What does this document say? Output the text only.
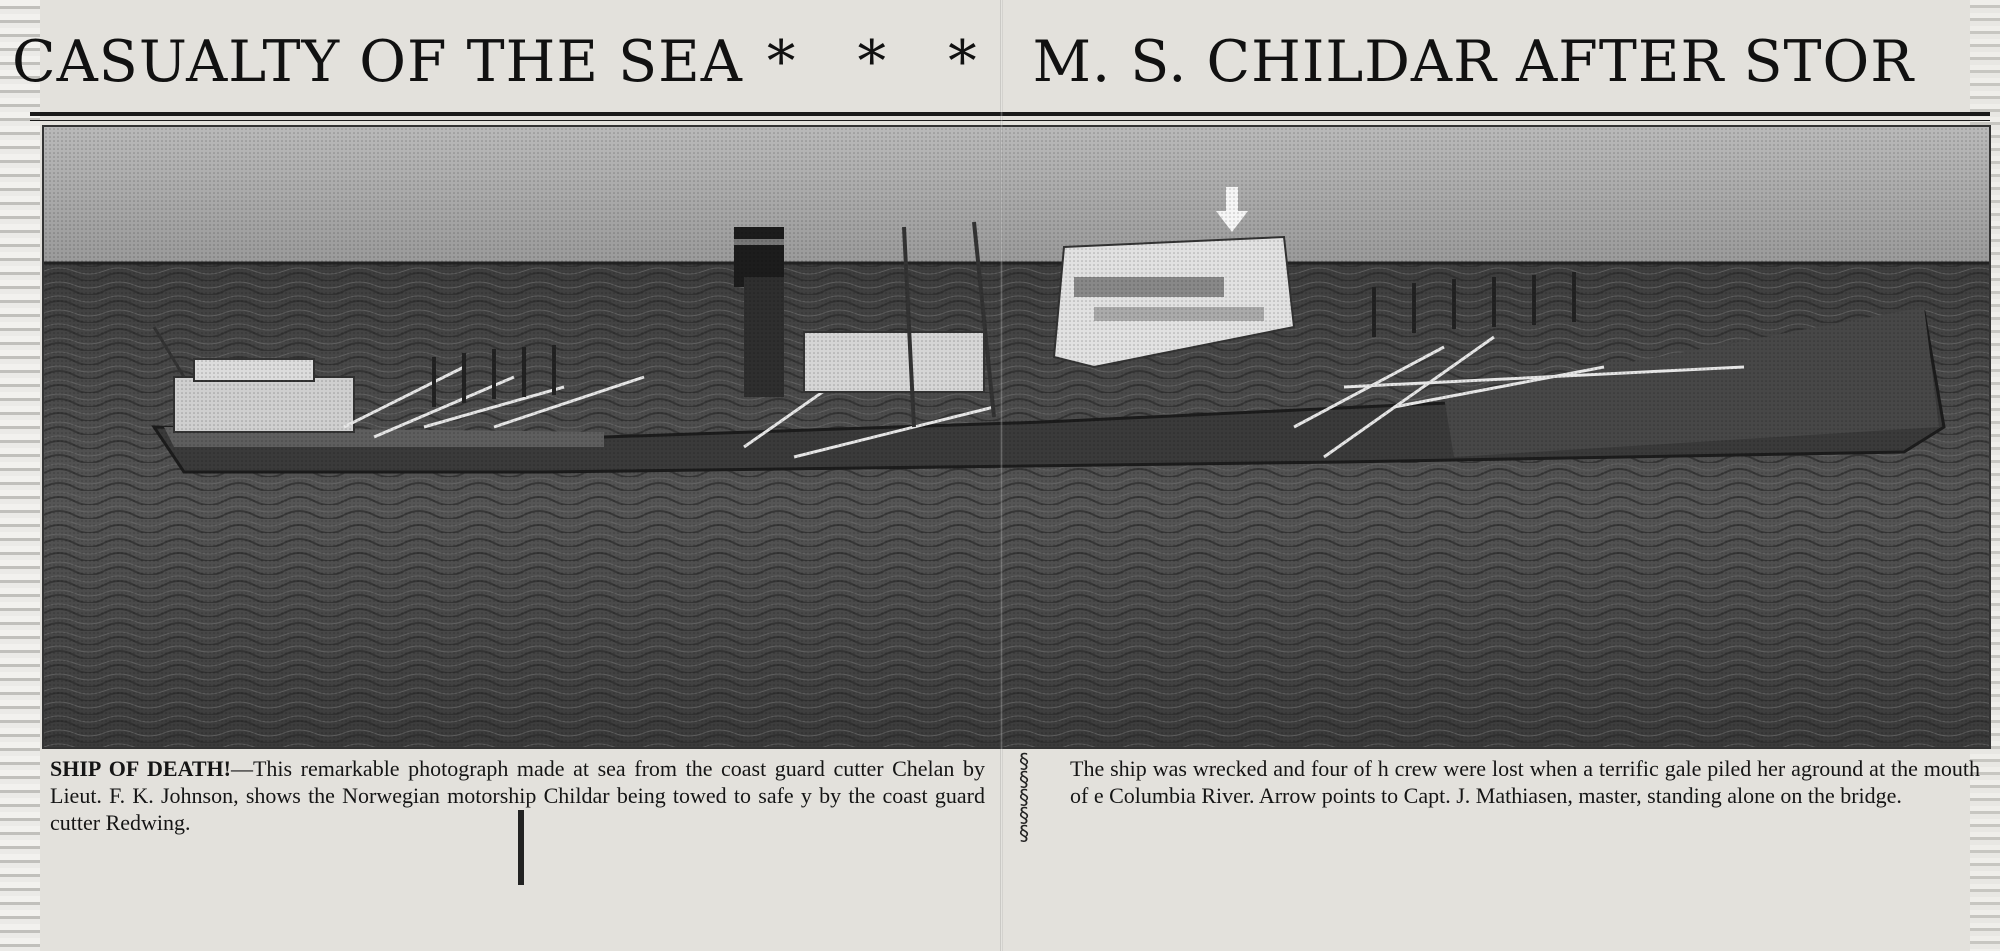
CASUALTY OF THE SEA * * * M. S. CHILDAR AFTER STOR
SHIP OF DEATH!—This remarkable photograph made at sea from the coast guard cutter Chelan by Lieut. F. K. Johnson, shows the Norwegian motorship Childar being towed to safe y by the coast guard cutter Redwing.
§
§
§
§
§
The ship was wrecked and four of h crew were lost when a terrific gale piled her aground at the mouth of e Columbia River. Arrow points to Capt. J. Mathiasen, master, standing alone on the bridge.
